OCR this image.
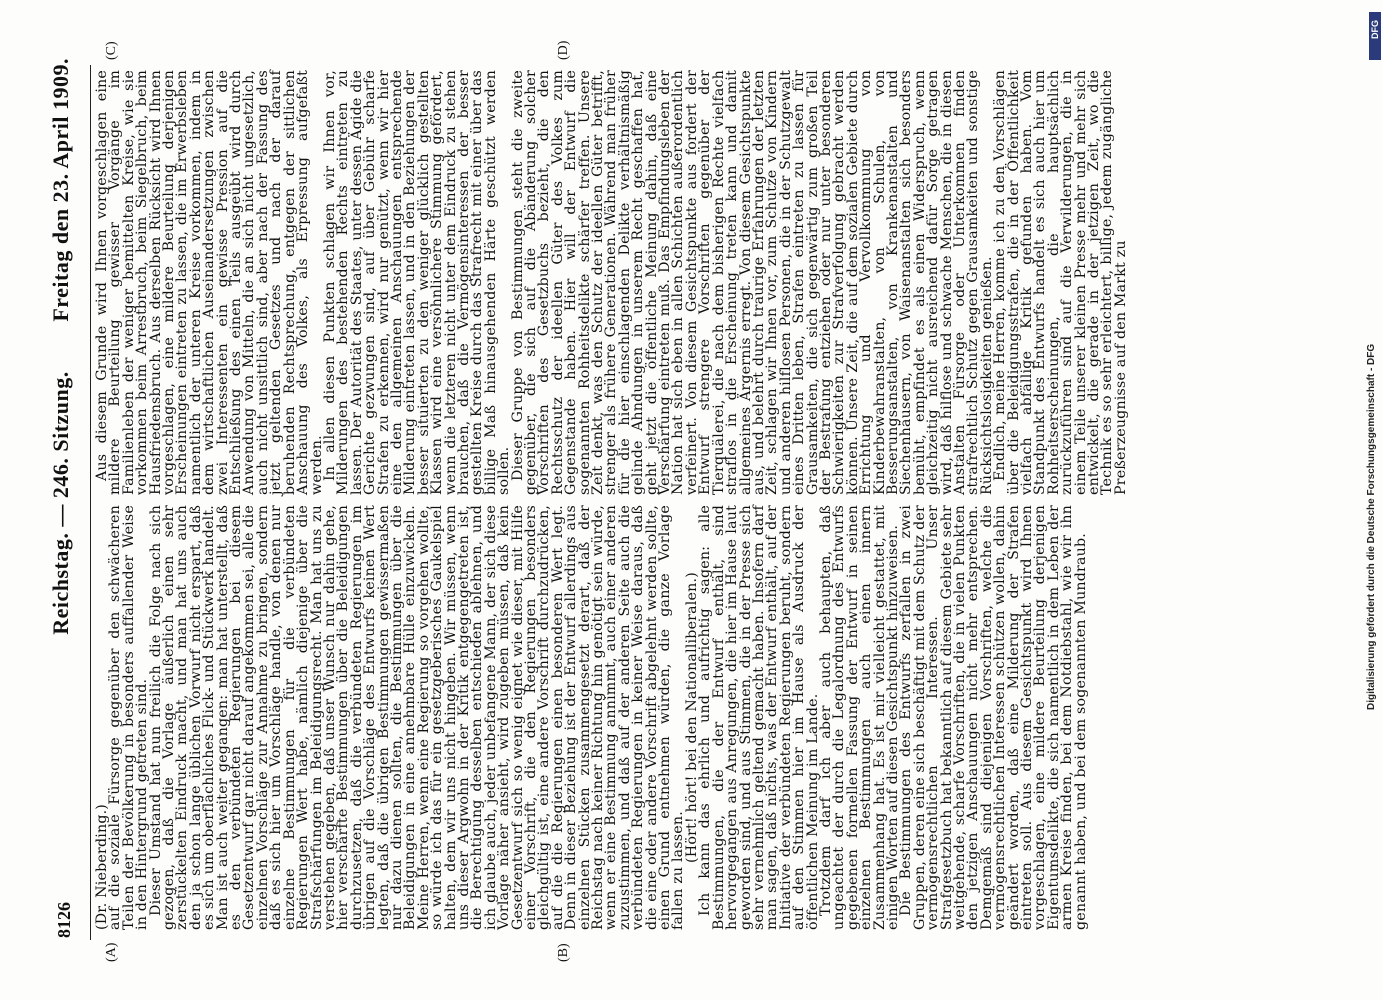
8126
Reichstag. — 246. Sitzung.
Freitag den 23. April 1909.
(A)	(B)
(C)	(D)

(Dr. Nieberding.)

auf die soziale Fürsorge gegenüber den schwächeren Teilen der Bevölkerung in besonders auffallender Weise in den Hintergrund getreten sind.

Dieser Umstand hat nun freilich die Folge nach sich gezogen, daß die Vorlage äußerlich einen sehr zerstückelten Eindruck macht, und man hat uns auch den ja schon lange üblichen Vorwurf nicht erspart, daß es sich um oberflächliches Flick- und Stückwerk handelt. Man ist auch weiter gegangen: man hat unterstellt, daß es den verbündeten Regierungen bei diesem Gesetzentwurf gar nicht darauf angekommen sei, alle die einzelnen Vorschläge zur Annahme zu bringen, sondern daß es sich hier um Vorschläge handle, von denen nur einzelne Bestimmungen für die verbündeten Regierungen Wert habe, nämlich diejenige über die Strafschärfungen im Beleidigungsrecht. Man hat uns zu verstehen gegeben, daß unser Wunsch nur dahin gehe, hier verschärfte Bestimmungen über die Beleidigungen durchzusetzen, daß die verbündeten Regierungen im übrigen auf die Vorschläge des Entwurfs keinen Wert legten, daß die übrigen Bestimmungen gewissermaßen nur dazu dienen sollten, die Bestimmungen über die Beleidigungen in eine annehmbare Hülle einzuwickeln. Meine Herren, wenn eine Regierung so vorgehen wollte, so würde ich das für ein gesetzgeberisches Gaukelspiel halten, dem wir uns nicht hingeben. Wir müssen, wenn uns dieser Argwohn in der Kritik entgegengetreten ist, die Berechtigung desselben entschieden ablehnen, und ich glaube auch, jeder unbefangene Mann, der sich diese Vorlage näher ansieht, wird zugeben müssen, daß kein Gesetzentwurf sich so wenig eignet wie dieser, mit Hilfe einer Vorschrift, die den Regierungen besonders gleichgültig ist, eine andere Vorschrift durchzudrücken, auf die die Regierungen einen besonderen Wert legt. Denn in dieser Beziehung ist der Entwurf allerdings aus einzelnen Stücken zusammengesetzt derart, daß der Reichstag nach keiner Richtung hin genötigt sein würde, wenn er eine Bestimmung annimmt, auch einer anderen zuzustimmen, und daß auf der anderen Seite auch die verbündeten Regierungen in keiner Weise daraus, daß die eine oder andere Vorschrift abgelehnt werden sollte, einen Grund entnehmen würden, die ganze Vorlage fallen zu lassen.

(Hört! hört! bei den Nationalliberalen.)

Ich kann das ehrlich und aufrichtig sagen: alle Bestimmungen, die der Entwurf enthält, sind hervorgegangen aus Anregungen, die hier im Hause laut geworden sind, und aus Stimmen, die in der Presse sich sehr vernehmlich geltend gemacht haben. Insofern darf man sagen, daß nichts, was der Entwurf enthält, auf der Initiative der verbündeten Regierungen beruht, sondern auf den Stimmen hier im Hause als Ausdruck der öffentlichen Meinung im Lande.

Trotzdem darf ich aber auch behaupten, daß ungeachtet der durch die Legalordnung des Entwurfs gegebenen formellen Fassung der Entwurf in seinen einzelnen Bestimmungen auch einen innern Zusammenhang hat. Es ist mir vielleicht gestattet, mit einigen Worten auf diesen Gesichtspunkt hinzuweisen.

Die Bestimmungen des Entwurfs zerfallen in zwei Gruppen, deren eine sich beschäftigt mit dem Schutz der vermögensrechtlichen Interessen. Unser Strafgesetzbuch hat bekanntlich auf diesem Gebiete sehr weitgehende, scharfe Vorschriften, die in vielen Punkten den jetzigen Anschauungen nicht mehr entsprechen. Demgemäß sind diejenigen Vorschriften, welche die vermögensrechtlichen Interessen schützen wollen, dahin geändert worden, daß eine Milderung der Strafen eintreten soll. Aus diesem Gesichtspunkt wird Ihnen vorgeschlagen, eine mildere Beurteilung derjenigen Eigentumsdelikte, die sich namentlich in dem Leben der armen Kreise finden, bei dem Notdiebstahl, wie wir ihn genannt haben, und bei dem sogenannten Mundraub.

Aus diesem Grunde wird Ihnen vorgeschlagen eine mildere Beurteilung gewisser Vorgänge im Familienleben der weniger bemittelten Kreise, wie sie vorkommen beim Arrestbruch, beim Siegelbruch, beim Hausfriedensbruch. Aus derselben Rücksicht wird Ihnen vorgeschlagen, eine mildere Beurteilung derjenigen Erscheinungen eintreten zu lassen, die im Erwerbsleben namentlich der unteren Kreise vorkommen, indem in dem wirtschaftlichen Auseinandersetzungen zwischen zwei Interessenten ein gewisse Pression auf die Entschließung des einen Teils ausgeübt wird durch Anwendung von Mitteln, die an sich nicht ungesetzlich, auch nicht unsittlich sind, aber nach der Fassung des jetzt geltenden Gesetzes und nach der darauf beruhenden Rechtsprechung, entgegen der sittlichen Anschauung des Volkes, als Erpressung aufgefaßt werden.

In allen diesen Punkten schlagen wir Ihnen vor, Milderungen des bestehenden Rechts eintreten zu lassen. Der Autorität des Staates, unter dessen Ägide die Gerichte gezwungen sind, auf über Gebühr scharfe Strafen zu erkennen, wird nur genützt, wenn wir hier eine den allgemeinen Anschauungen entsprechende Milderung eintreten lassen, und in den Beziehungen der besser situierten zu den weniger glücklich gestellten Klassen wird eine versöhnlichere Stimmung gefördert, wenn die letzteren nicht unter dem Eindruck zu stehen brauchen, daß die Vermögensinteressen der besser gestellten Kreise durch das Strafrecht mit einer über das billige Maß hinausgehenden Härte geschützt werden sollen.

Dieser Gruppe von Bestimmungen steht die zweite gegenüber, die sich auf die Abänderung solcher Vorschriften des Gesetzbuchs bezieht, die den Rechtsschutz der ideellen Güter des Volkes zum Gegenstande haben. Hier will der Entwurf die sogenannten Rohheitsdelikte schärfer treffen. Unsere Zeit denkt, was den Schutz der ideellen Güter betrifft, strenger als frühere Generationen. Während man früher für die hier einschlagenden Delikte verhältnismäßig gelinde Ahndungen in unserem Recht geschaffen hat, geht jetzt die öffentliche Meinung dahin, daß eine Verschärfung eintreten muß. Das Empfindungsleben der Nation hat sich eben in allen Schichten außerordentlich verfeinert. Von diesem Gesichtspunkte aus fordert der Entwurf strengere Vorschriften gegenüber der Tierquälerei, die nach dem bisherigen Rechte vielfach straflos in die Erscheinung treten kann und damit allgemeines Ärgernis erregt. Von diesem Gesichtspunkte aus, und belehrt durch traurige Erfahrungen der letzten Zeit, schlagen wir Ihnen vor, zum Schutze von Kindern und anderen hilflosen Personen, die in der Schutzgewalt eines Dritten leben, Strafen eintreten zu lassen für Grausamkeiten, die sich gegenwärtig zum großen Teil der Bestrafung entziehen oder nur unter besonderen Schwierigkeiten zur Strafverfolgung gebracht werden können. Unsere Zeit, die auf dem sozialen Gebiete durch Errichtung und Vervollkommnung von Kinderbewahranstalten, von Schulen, von Besserungsanstalten, von Krankenanstalten und Siechenhäusern, von Waisenanstalten sich besonders bemüht, empfindet es als einen Widerspruch, wenn gleichzeitig nicht ausreichend dafür Sorge getragen wird, daß hilflose und schwache Menschen, die in diesen Anstalten Fürsorge oder Unterkommen finden strafrechtlich Schutz gegen Grausamkeiten und sonstige Rücksichtslosigkeiten genießen.

Endlich, meine Herren, komme ich zu den Vorschlägen über die Beleidigungsstrafen, die in der Öffentlichkeit vielfach abfällige Kritik gefunden haben. Vom Standpunkt des Entwurfs handelt es sich auch hier um Rohheitserscheinungen, die hauptsächlich zurückzuführen sind auf die Verwilderungen, die in einem Teile unserer kleinen Presse mehr und mehr sich entwickelt, die gerade in der jetzigen Zeit, wo die Technik es so sehr erleichtert, billige, jedem zugängliche Preßerzeugnisse auf den Markt zu

DFG
Digitalisierung gefördert durch die Deutsche Forschungsgemeinschaft - DFG
